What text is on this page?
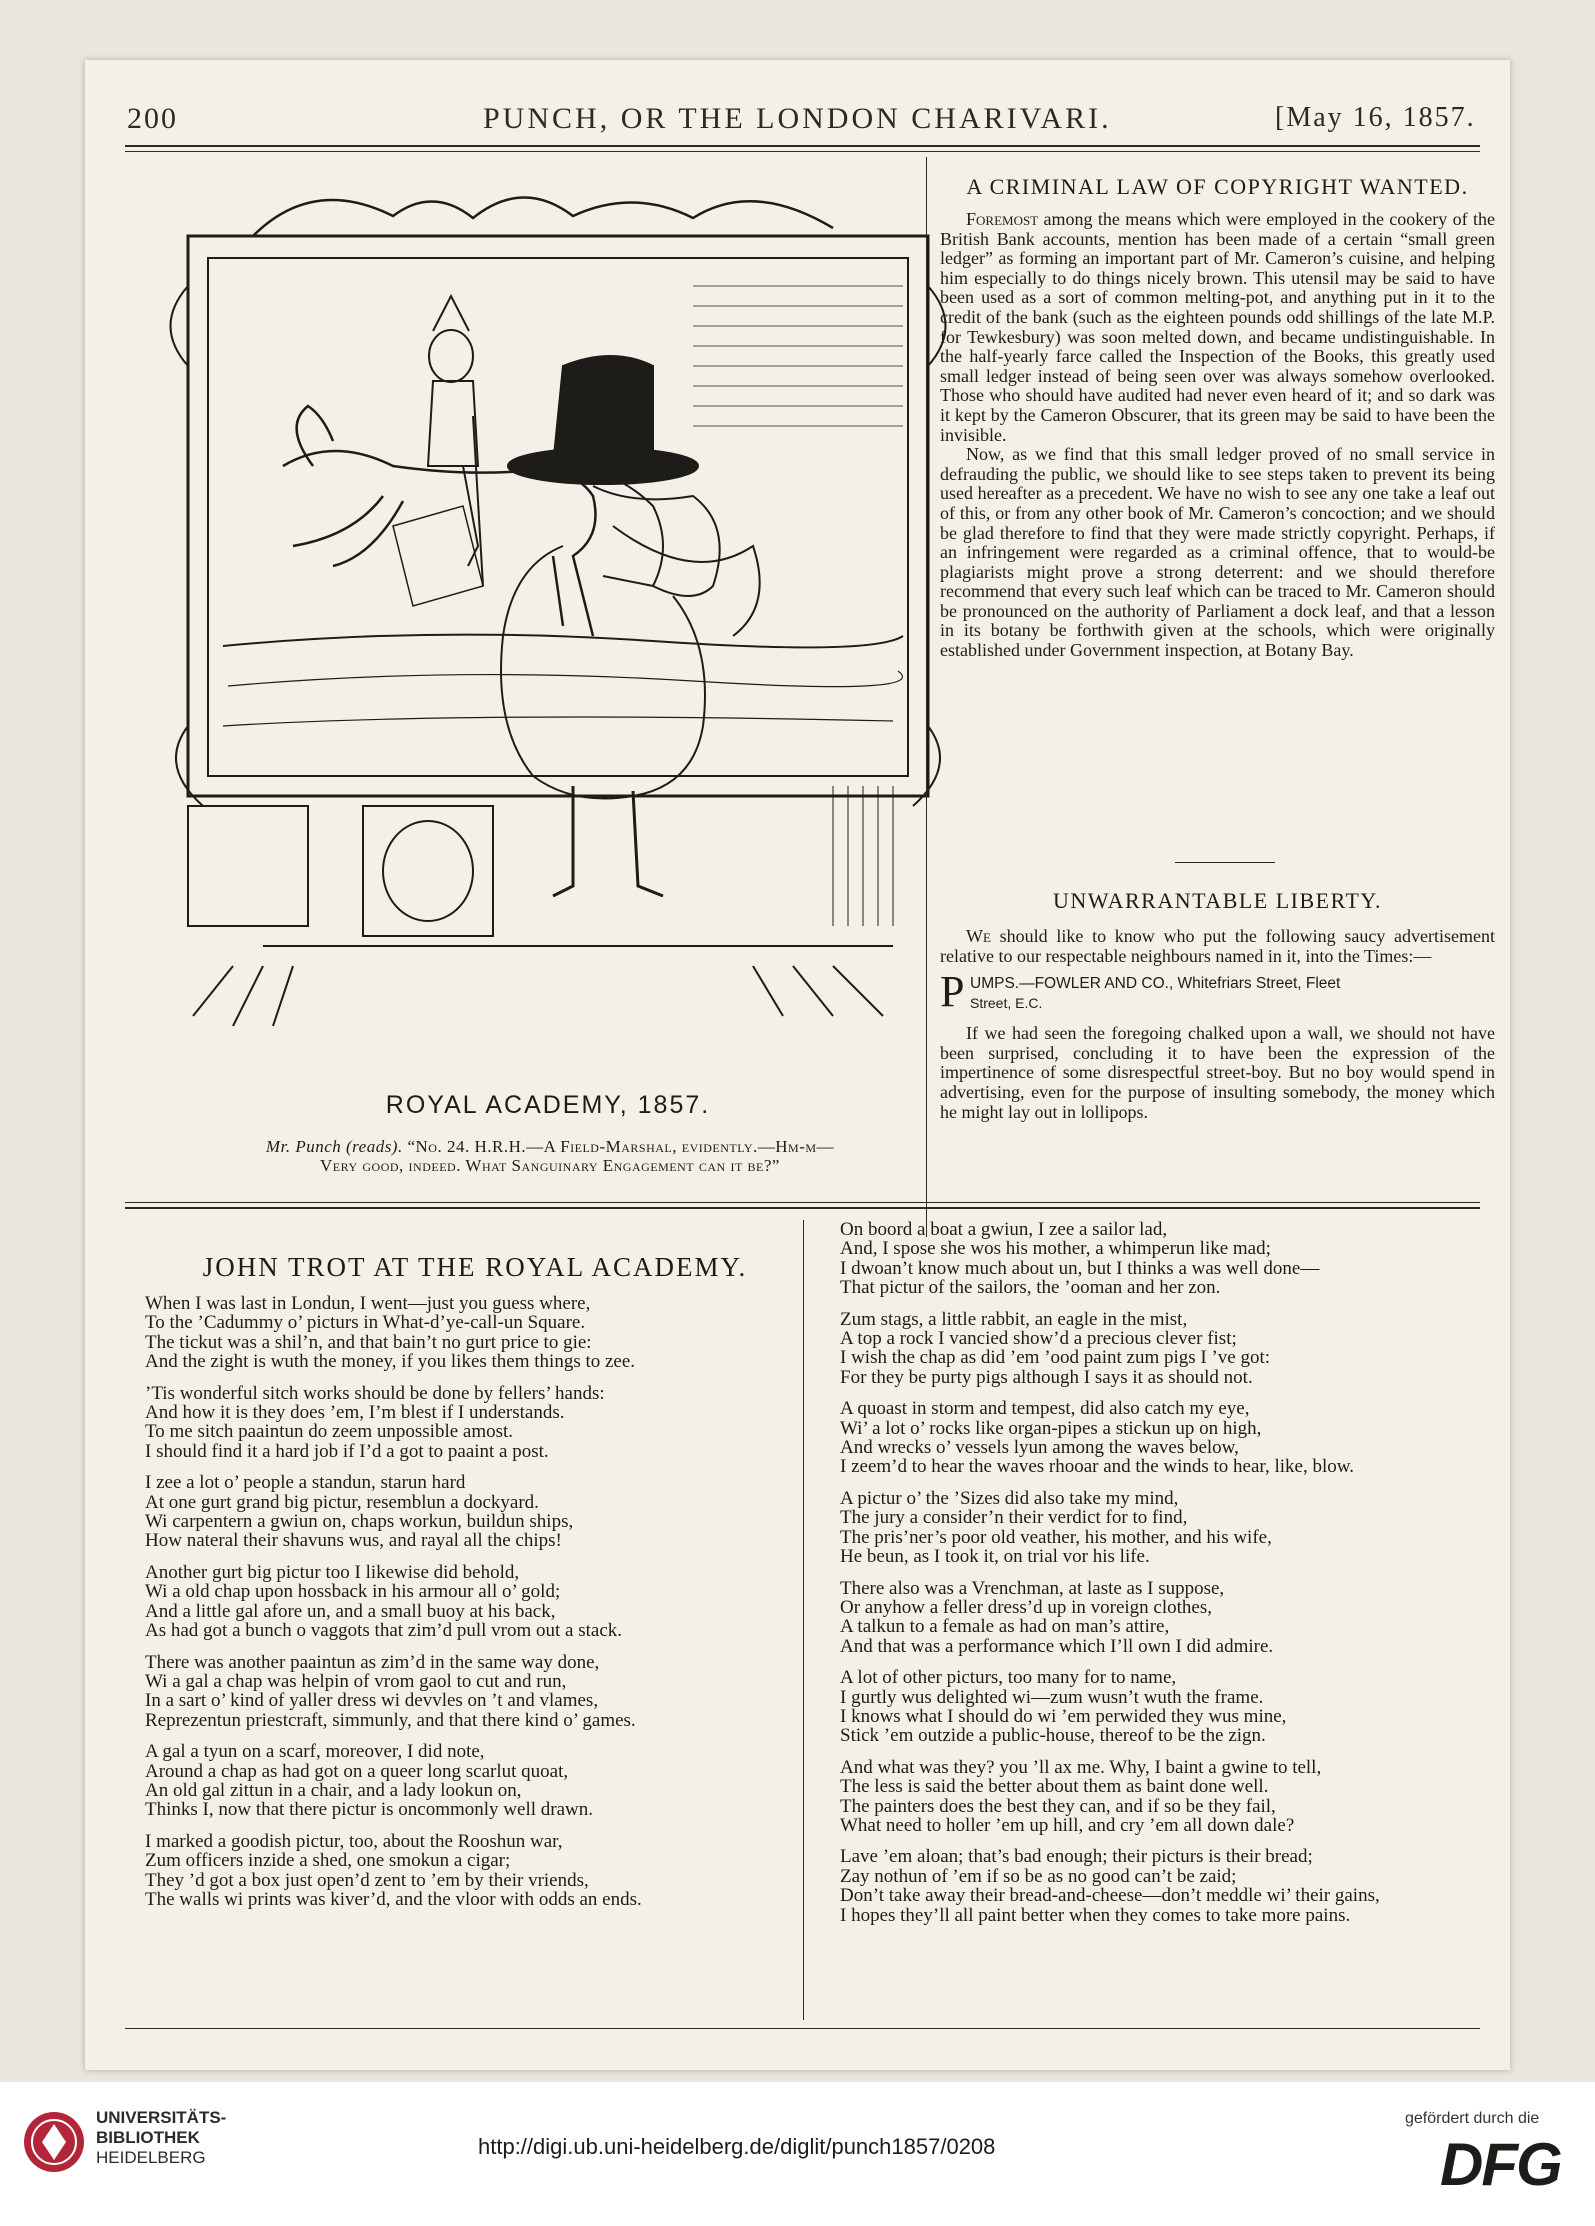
200	PUNCH, OR THE LONDON CHARIVARI.	[May 16, 1857.
ROYAL ACADEMY, 1857.
Mr. Punch (reads). “No. 24. H.R.H.—A Field-Marshal, evidently.—Hm-m—
Very good, indeed. What Sanguinary Engagement can it be?”
A CRIMINAL LAW OF COPYRIGHT WANTED.

Foremost among the means which were employed in the cookery of the British Bank accounts, mention has been made of a certain “small green ledger” as forming an important part of Mr. Cameron’s cuisine, and helping him especially to do things nicely brown. This utensil may be said to have been used as a sort of common melting-pot, and anything put in it to the credit of the bank (such as the eighteen pounds odd shillings of the late M.P. for Tewkesbury) was soon melted down, and became undistinguishable. In the half-yearly farce called the Inspection of the Books, this greatly used small ledger instead of being seen over was always somehow overlooked. Those who should have audited had never even heard of it; and so dark was it kept by the Cameron Obscurer, that its green may be said to have been the invisible.

Now, as we find that this small ledger proved of no small service in defrauding the public, we should like to see steps taken to prevent its being used hereafter as a precedent. We have no wish to see any one take a leaf out of this, or from any other book of Mr. Cameron’s concoction; and we should be glad therefore to find that they were made strictly copyright. Perhaps, if an infringement were regarded as a criminal offence, that to would-be plagiarists might prove a strong deterrent: and we should therefore recommend that every such leaf which can be traced to Mr. Cameron should be pronounced on the authority of Parliament a dock leaf, and that a lesson in its botany be forthwith given at the schools, which were originally established under Government inspection, at Botany Bay.

UNWARRANTABLE LIBERTY.

We should like to know who put the following saucy advertisement relative to our respectable neighbours named in it, into the Times:—

P UMPS.—FOWLER AND CO., Whitefriars Street, Fleet
Street, E.C.

If we had seen the foregoing chalked upon a wall, we should not have been surprised, concluding it to have been the expression of the impertinence of some disrespectful street-boy. But no boy would spend in advertising, even for the purpose of insulting somebody, the money which he might lay out in lollipops.

JOHN TROT AT THE ROYAL ACADEMY.
When I was last in Londun, I went—just you guess where,
To the ’Cadummy o’ picturs in What-d’ye-call-un Square.
The tickut was a shil’n, and that bain’t no gurt price to gie:
And the zight is wuth the money, if you likes them things to zee.
’Tis wonderful sitch works should be done by fellers’ hands:
And how it is they does ’em, I’m blest if I understands.
To me sitch paaintun do zeem unpossible amost.
I should find it a hard job if I’d a got to paaint a post.
I zee a lot o’ people a standun, starun hard
At one gurt grand big pictur, resemblun a dockyard.
Wi carpentern a gwiun on, chaps workun, buildun ships,
How nateral their shavuns wus, and rayal all the chips!
Another gurt big pictur too I likewise did behold,
Wi a old chap upon hossback in his armour all o’ gold;
And a little gal afore un, and a small buoy at his back,
As had got a bunch o vaggots that zim’d pull vrom out a stack.
There was another paaintun as zim’d in the same way done,
Wi a gal a chap was helpin of vrom gaol to cut and run,
In a sart o’ kind of yaller dress wi devvles on ’t and vlames,
Reprezentun priestcraft, simmunly, and that there kind o’ games.
A gal a tyun on a scarf, moreover, I did note,
Around a chap as had got on a queer long scarlut quoat,
An old gal zittun in a chair, and a lady lookun on,
Thinks I, now that there pictur is oncommonly well drawn.
I marked a goodish pictur, too, about the Rooshun war,
Zum officers inzide a shed, one smokun a cigar;
They ’d got a box just open’d zent to ’em by their vriends,
The walls wi prints was kiver’d, and the vloor with odds an ends.
On boord a boat a gwiun, I zee a sailor lad,
And, I spose she wos his mother, a whimperun like mad;
I dwoan’t know much about un, but I thinks a was well done—
That pictur of the sailors, the ’ooman and her zon.
Zum stags, a little rabbit, an eagle in the mist,
A top a rock I vancied show’d a precious clever fist;
I wish the chap as did ’em ’ood paint zum pigs I ’ve got:
For they be purty pigs although I says it as should not.
A quoast in storm and tempest, did also catch my eye,
Wi’ a lot o’ rocks like organ-pipes a stickun up on high,
And wrecks o’ vessels lyun among the waves below,
I zeem’d to hear the waves rhooar and the winds to hear, like, blow.
A pictur o’ the ’Sizes did also take my mind,
The jury a consider’n their verdict for to find,
The pris’ner’s poor old veather, his mother, and his wife,
He beun, as I took it, on trial vor his life.
There also was a Vrenchman, at laste as I suppose,
Or anyhow a feller dress’d up in voreign clothes,
A talkun to a female as had on man’s attire,
And that was a performance which I’ll own I did admire.
A lot of other picturs, too many for to name,
I gurtly wus delighted wi—zum wusn’t wuth the frame.
I knows what I should do wi ’em perwided they wus mine,
Stick ’em outzide a public-house, thereof to be the zign.
And what was they? you ’ll ax me. Why, I baint a gwine to tell,
The less is said the better about them as baint done well.
The painters does the best they can, and if so be they fail,
What need to holler ’em up hill, and cry ’em all down dale?
Lave ’em aloan; that’s bad enough; their picturs is their bread;
Zay nothun of ’em if so be as no good can’t be zaid;
Don’t take away their bread-and-cheese—don’t meddle wi’ their gains,
I hopes they’ll all paint better when they comes to take more pains.
UNIVERSITÄTS-
BIBLIOTHEK
HEIDELBERG	http://digi.ub.uni-heidelberg.de/diglit/punch1857/0208
gefördert durch die
DFG
